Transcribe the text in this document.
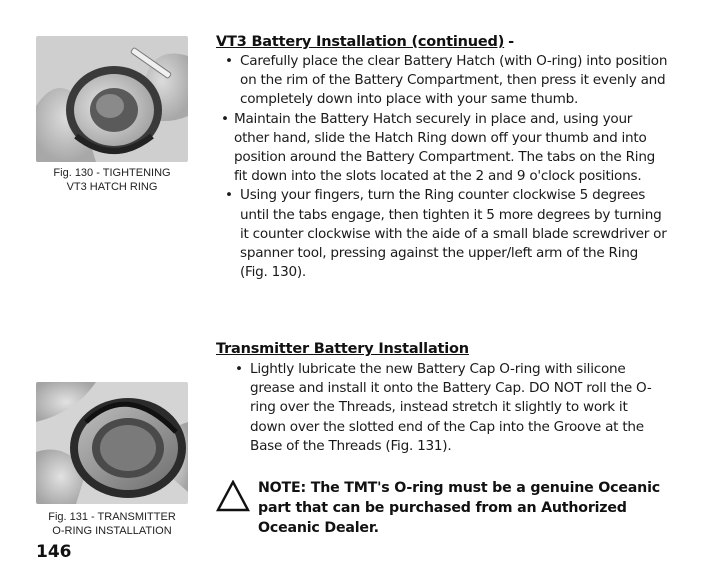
Fig. 130 - TIGHTENING
VT3 HATCH RING
Fig. 131 - TRANSMITTER
O-RING INSTALLATION
146
VT3 Battery Installation (continued) -
• Carefully place the clear Battery Hatch (with O-ring) into position on the rim of the Battery Compartment, then press it evenly and completely down into place with your same thumb.
• Maintain the Battery Hatch securely in place and, using your other hand, slide the Hatch Ring down off your thumb and into position around the Battery Compartment. The tabs on the Ring fit down into the slots located at the 2 and 9 o'clock positions.
• Using your fingers, turn the Ring counter clockwise 5 degrees until the tabs engage, then tighten it 5 more degrees by turning it counter clockwise with the aide of a small blade screwdriver or spanner tool, pressing against the upper/left arm of the Ring (Fig. 130).
Transmitter Battery Installation
• Lightly lubricate the new Battery Cap O-ring with silicone grease and install it onto the Battery Cap. DO NOT roll the O-ring over the Threads, instead stretch it slightly to work it down over the slotted end of the Cap into the Groove at the Base of the Threads (Fig. 131).
NOTE: The TMT's O-ring must be a genuine Oceanic part that can be purchased from an Authorized Oceanic Dealer.
